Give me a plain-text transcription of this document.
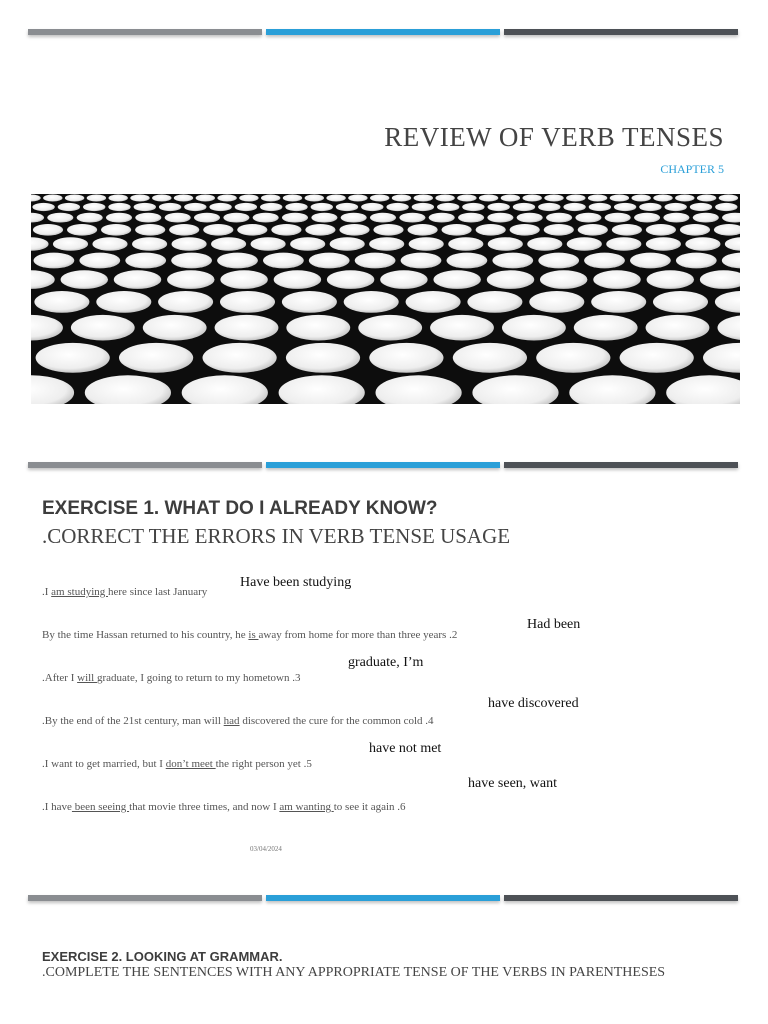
REVIEW OF VERB TENSES
CHAPTER 5
EXERCISE 1. WHAT DO I ALREADY KNOW?
.CORRECT THE ERRORS IN VERB TENSE USAGE
.I am studying here since last January
Have been studying
By the time Hassan returned to his country, he is away from home for more than three years .2
Had been
.After I will graduate, I going to return to my hometown .3
graduate, I’m
.By the end of the 21st century, man will had discovered the cure for the common cold .4
have discovered
.I want to get married, but I don’t meet the right person yet .5
have not met
.I have been seeing that movie three times, and now I am wanting to see it again .6
have seen, want
03/04/2024
EXERCISE 2. LOOKING AT GRAMMAR.
.COMPLETE THE SENTENCES WITH ANY APPROPRIATE TENSE OF THE VERBS IN PARENTHESES
